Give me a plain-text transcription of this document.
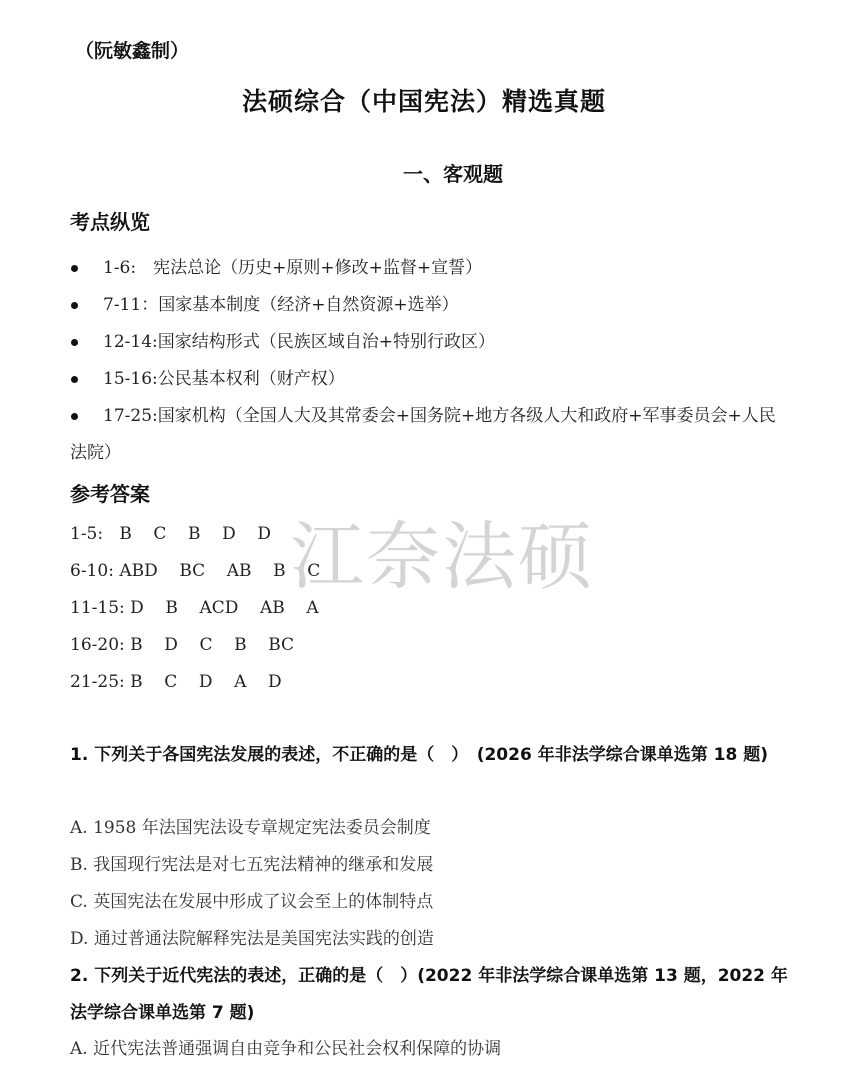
（阮敏鑫制）
法硕综合（中国宪法）精选真题
一、客观题
考点纵览
1-6:　宪法总论（历史+原则+修改+监督+宣誓）
7-11：国家基本制度（经济+自然资源+选举）
12-14:国家结构形式（民族区域自治+特别行政区）
15-16:公民基本权利（财产权）
17-25:国家机构（全国人大及其常委会+国务院+地方各级人大和政府+军事委员会+人民法院）
参考答案
江奈法硕
1-5:   B    C    B    D    D
6-10: ABD    BC    AB    B    C
11-15: D    B    ACD    AB    A
16-20: B    D    C    B    BC
21-25: B    C    D    A    D
1. 下列关于各国宪法发展的表述，不正确的是（　）　(2026 年非法学综合课单选第 18 题)
A. 1958 年法国宪法设专章规定宪法委员会制度
B. 我国现行宪法是对七五宪法精神的继承和发展
C. 英国宪法在发展中形成了议会至上的体制特点
D. 通过普通法院解释宪法是美国宪法实践的创造
2. 下列关于近代宪法的表述，正确的是（　）(2022 年非法学综合课单选第 13 题，2022 年法学综合课单选第 7 题)
A. 近代宪法普通强调自由竞争和公民社会权利保障的协调
